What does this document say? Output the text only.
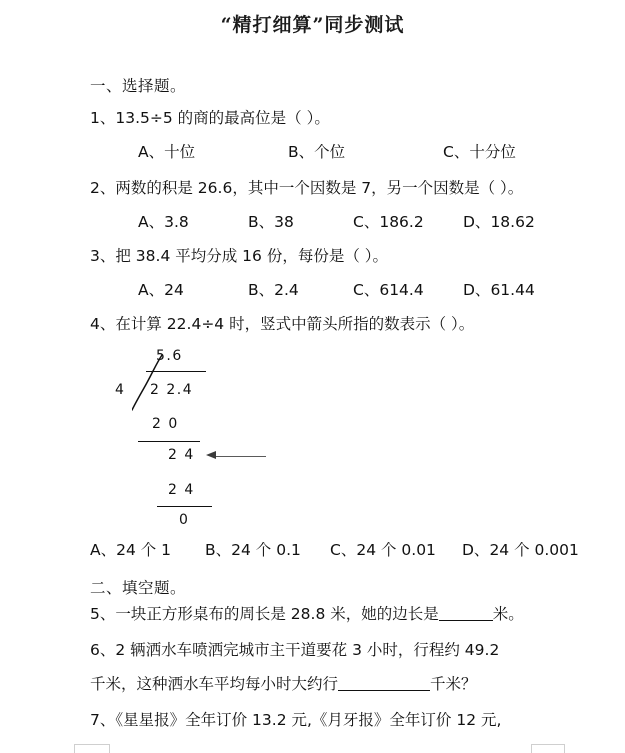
“精打细算”同步测试
一、选择题。
1、13.5÷5 的商的最高位是（ ）。
A、十位	B、个位	C、十分位
2、两数的积是 26.6，其中一个因数是 7，另一个因数是（ ）。
A、3.8	B、38	C、186.2	D、18.62
3、把 38.4 平均分成 16 份，每份是（ ）。
A、24	B、2.4	C、614.4	D、61.44
4、在计算 22.4÷4 时，竖式中箭头所指的数表示（ ）。
5.6
4 2 2.4
2 0
2 4
2 4
0
A、24 个 1 B、24 个 0.1 C、24 个 0.01 D、24 个 0.001
二、填空题。
5、一块正方形桌布的周长是 28.8 米，她的边长是	米。
6、2 辆洒水车喷洒完城市主干道要花 3 小时，行程约 49.2
千米，这种洒水车平均每小时大约行	千米？
7、《星星报》全年订价 13.2 元,《月牙报》全年订价 12 元,
